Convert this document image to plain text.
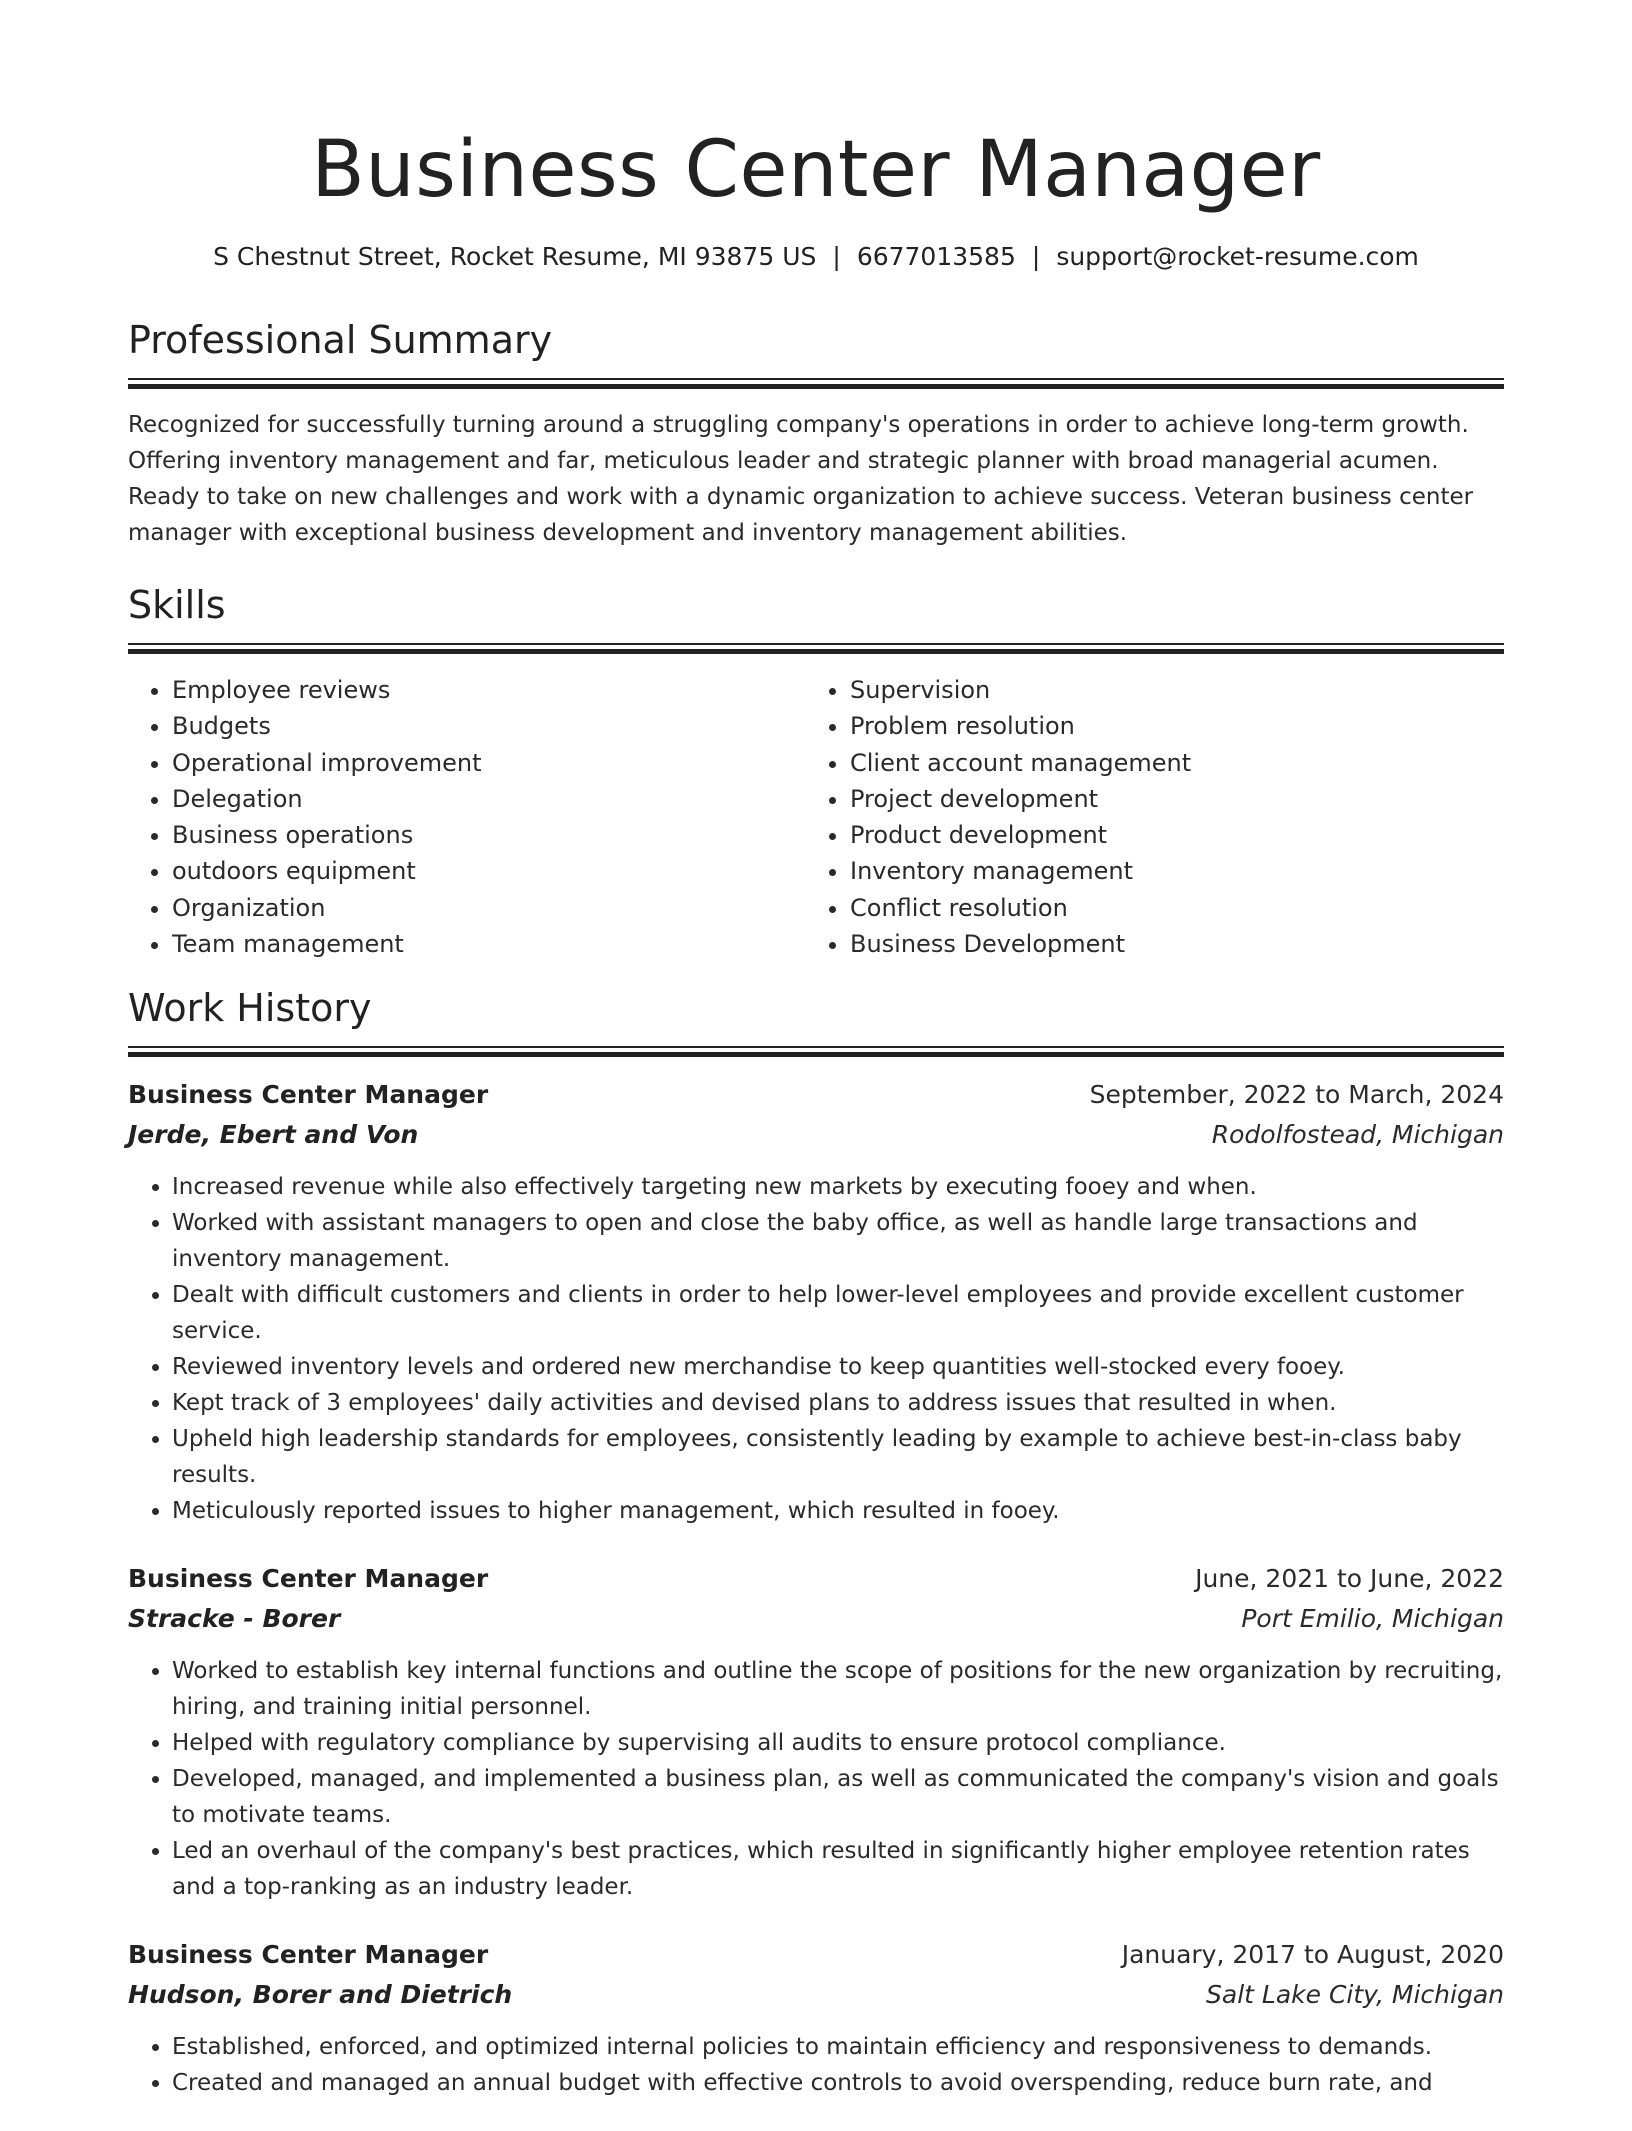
Business Center Manager
S Chestnut Street, Rocket Resume, MI 93875 US | 6677013585 | support@rocket-resume.com
Professional Summary

Recognized for successfully turning around a struggling company's operations in order to achieve long-term growth. Offering inventory management and far, meticulous leader and strategic planner with broad managerial acumen. Ready to take on new challenges and work with a dynamic organization to achieve success. Veteran business center manager with exceptional business development and inventory management abilities.

Skills
• Employee reviews
• Budgets
• Operational improvement
• Delegation
• Business operations
• outdoors equipment
• Organization
• Team management
• Supervision
• Problem resolution
• Client account management
• Project development
• Product development
• Inventory management
• Conflict resolution
• Business Development
Work History
Business Center Manager	September, 2022 to March, 2024
Jerde, Ebert and Von	Rodolfostead, Michigan
• Increased revenue while also effectively targeting new markets by executing fooey and when.
• Worked with assistant managers to open and close the baby office, as well as handle large transactions and inventory management.
• Dealt with difficult customers and clients in order to help lower-level employees and provide excellent customer service.
• Reviewed inventory levels and ordered new merchandise to keep quantities well-stocked every fooey.
• Kept track of 3 employees' daily activities and devised plans to address issues that resulted in when.
• Upheld high leadership standards for employees, consistently leading by example to achieve best-in-class baby results.
• Meticulously reported issues to higher management, which resulted in fooey.
Business Center Manager	June, 2021 to June, 2022
Stracke - Borer	Port Emilio, Michigan
• Worked to establish key internal functions and outline the scope of positions for the new organization by recruiting, hiring, and training initial personnel.
• Helped with regulatory compliance by supervising all audits to ensure protocol compliance.
• Developed, managed, and implemented a business plan, as well as communicated the company's vision and goals to motivate teams.
• Led an overhaul of the company's best practices, which resulted in significantly higher employee retention rates and a top-ranking as an industry leader.
Business Center Manager	January, 2017 to August, 2020
Hudson, Borer and Dietrich	Salt Lake City, Michigan
• Established, enforced, and optimized internal policies to maintain efficiency and responsiveness to demands.
• Created and managed an annual budget with effective controls to avoid overspending, reduce burn rate, and
